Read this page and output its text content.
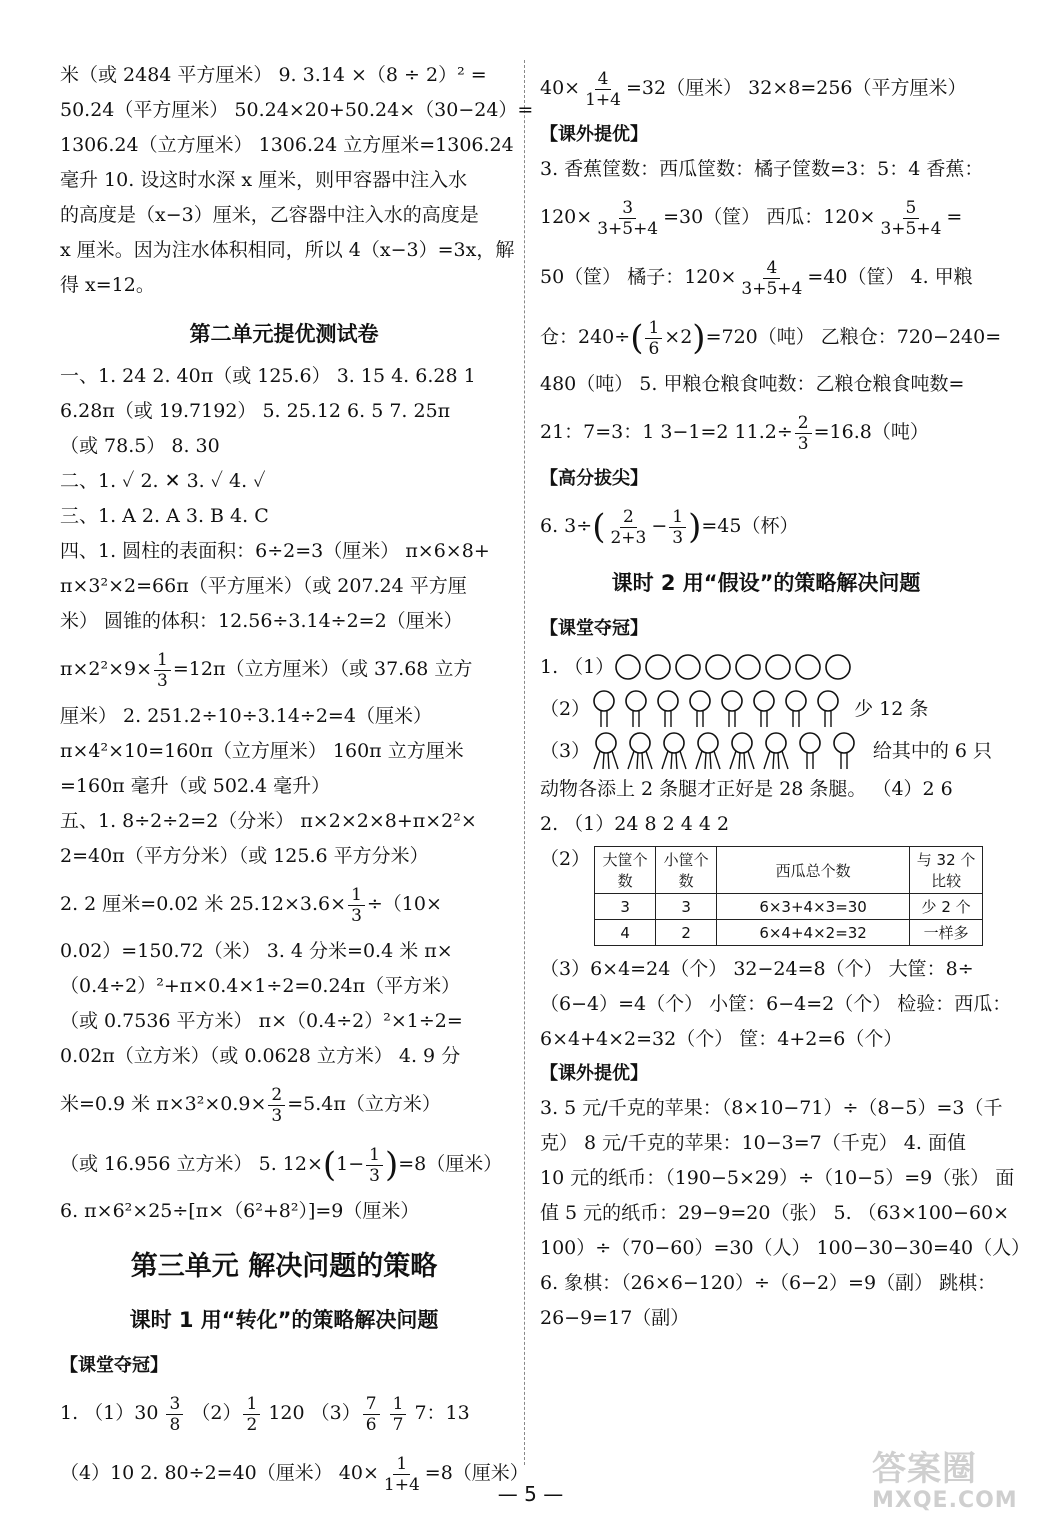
米（或 2484 平方厘米） 9. 3.14 ×（8 ÷ 2）² =
50.24（平方厘米） 50.24×20+50.24×（30−24）=
1306.24（立方厘米） 1306.24 立方厘米=1306.24
毫升 10. 设这时水深 x 厘米，则甲容器中注入水
的高度是（x−3）厘米，乙容器中注入水的高度是
x 厘米。因为注水体积相同，所以 4（x−3）=3x，解
得 x=12。
第二单元提优测试卷
一、1. 24 2. 40π（或 125.6） 3. 15 4. 6.28 1
6.28π（或 19.7192） 5. 25.12 6. 5 7. 25π
（或 78.5） 8. 30
二、1. ✓ 2. ✕ 3. ✓ 4. ✓
三、1. A 2. A 3. B 4. C
四、1. 圆柱的表面积：6÷2=3（厘米） π×6×8+
π×3²×2=66π（平方厘米）（或 207.24 平方厘
米） 圆锥的体积：12.56÷3.14÷2=2（厘米）
$\pi\times 2^2\times 9\times \frac{1}{3} =12\pi$（立方厘米）（或 37.68 立方
厘米） 2. 251.2÷10÷3.14÷2=4（厘米）
π×4²×10=160π（立方厘米） 160π 立方厘米
=160π 毫升（或 502.4 毫升）
五、1. 8÷2÷2=2（分米） π×2×2×8+π×2²×
2=40π（平方分米）（或 125.6 平方分米）
2. 2 厘米=0.02 米 $25.12\times 3.6\times \frac{1}{3} \div(10\times$
0.02）=150.72（米） 3. 4 分米=0.4 米 π×
（0.4÷2）²+π×0.4×1÷2=0.24π（平方米）
（或 0.7536 平方米） π×（0.4÷2）²×1÷2=
0.02π（立方米）（或 0.0628 立方米） 4. 9 分
米=0.9 米 $\pi\times 3^2\times 0.9\times \frac{2}{3} =5.4\pi$（立方米）
（或 16.956 立方米） 5. $12\times(1- \frac{1}{3} )=8$（厘米）
6. π×6²×25÷[π×（6²+8²）]=9（厘米）
第三单元 解决问题的策略
课时 1 用“转化”的策略解决问题
【课堂夺冠】
1. $(1)30 \frac{3}{8} (2) \frac{1}{2} 120$ $(3) \frac{7}{6}$
$\frac{1}{7} 7$：13
（4）10 2. 80÷2=40（厘米） $40\times \frac{1}{1+4} =8$（厘米）
$40\times \frac{4}{1+4} =32$（厘米） 32×8=256（平方厘米）
【课外提优】
3. 香蕉筐数：西瓜筐数：橘子筐数=3：5：4 香蕉：
$120\times \frac{3}{3+5+4} =30$（筐） 西瓜：$120\times \frac{5}{3+5+4}$ =
50（筐） 橘子：$120\times \frac{4}{3+5+4} =40$（筐） 4. 甲粮
仓：$240\div( \frac{1}{6} \times 2)=720$（吨） 乙粮仓：720−240=
480（吨） 5. 甲粮仓粮食吨数：乙粮仓粮食吨数=
21：7=3：1 3−1=2 $11.2\div \frac{2}{3} =16.8$（吨）
【高分拔尖】
6. $3\div( \frac{2}{2+3} - \frac{1}{3} )=45$（杯）
课时 2 用“假设”的策略解决问题
【课堂夺冠】
1. （1）
（2）	少 12 条
（3）	给其中的 6 只
动物各添上 2 条腿才正好是 28 条腿。 （4）2 6
2. （1）24 8 2 4 4 2
（2） 大筐个数	小筐个数	西瓜总个数	与 32 个比较
3	3	6×3+4×3=30	少 2 个
4	2	6×4+4×2=32	一样多
（3）6×4=24（个） 32−24=8（个） 大筐：8÷
（6−4）=4（个） 小筐：6−4=2（个） 检验：西瓜：
6×4+4×2=32（个） 筐：4+2=6（个）
【课外提优】
3. 5 元/千克的苹果：（8×10−71）÷（8−5）=3（千
克） 8 元/千克的苹果：10−3=7（千克） 4. 面值
10 元的纸币：（190−5×29）÷（10−5）=9（张） 面
值 5 元的纸币：29−9=20（张） 5. （63×100−60×
100）÷（70−60）=30（人） 100−30−30=40（人）
6. 象棋：（26×6−120）÷（6−2）=9（副） 跳棋：
26−9=17（副）
— 5 —
答案圈
MXQE.COM
